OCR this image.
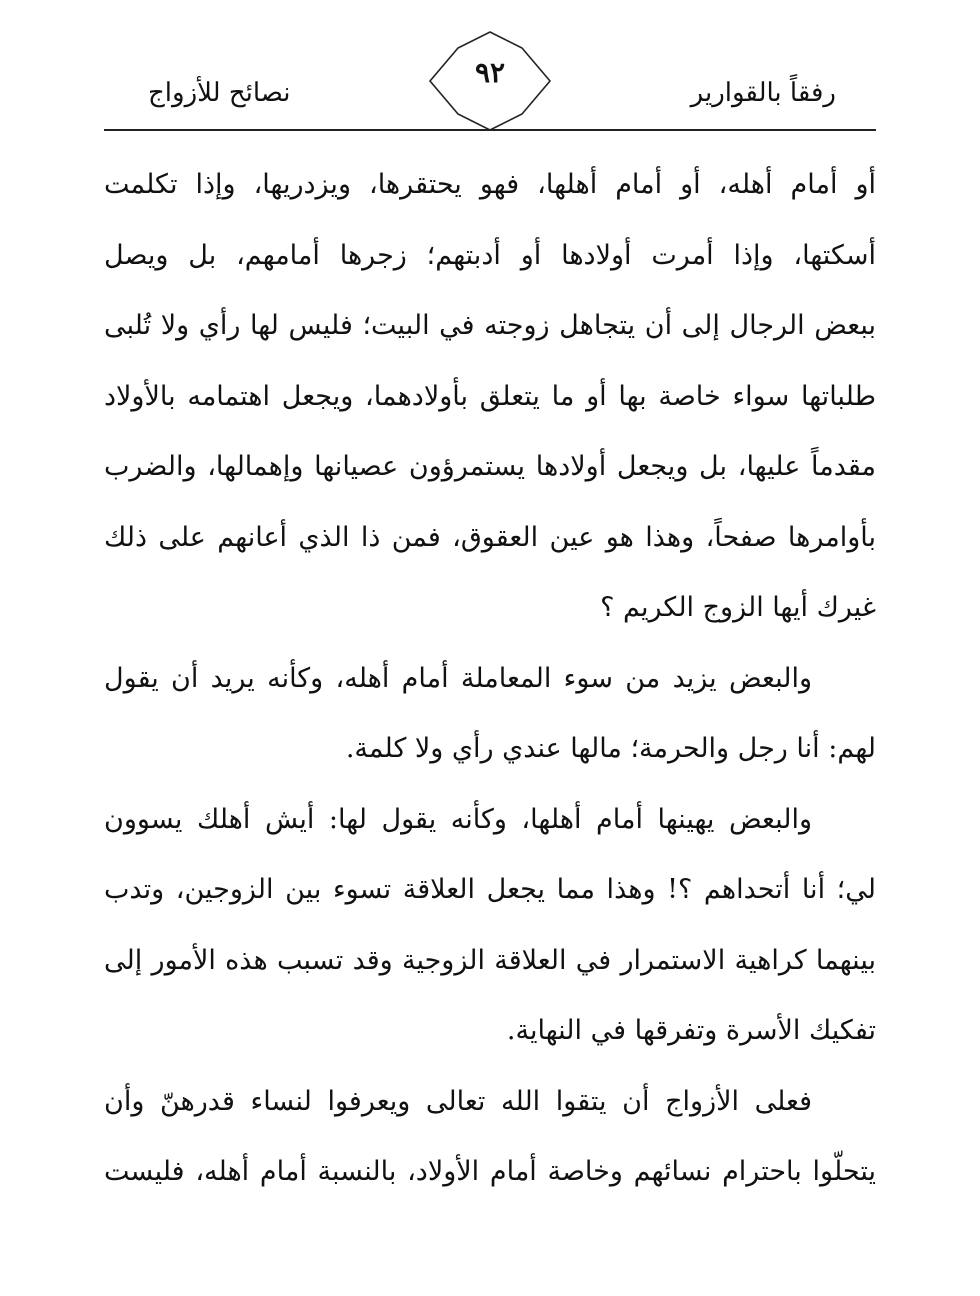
رفقاً بالقوارير
٩٢
نصائح للأزواج

أو أمام أهله، أو أمام أهلها، فهو يحتقرها، ويزدريها، وإذا تكلمت
أسكتها، وإذا أمرت أولادها أو أدبتهم؛ زجرها أمامهم، بل ويصل
ببعض الرجال إلى أن يتجاهل زوجته في البيت؛ فليس لها رأي ولا تُلبى
طلباتها سواء خاصة بها أو ما يتعلق بأولادهما، ويجعل اهتمامه بالأولاد
مقدماً عليها، بل ويجعل أولادها يستمرؤون عصيانها وإهمالها، والضرب
بأوامرها صفحاً، وهذا هو عين العقوق، فمن ذا الذي أعانهم على ذلك
غيرك أيها الزوج الكريم ؟

والبعض يزيد من سوء المعاملة أمام أهله، وكأنه يريد أن يقول
لهم: أنا رجل والحرمة؛ مالها عندي رأي ولا كلمة.

والبعض يهينها أمام أهلها، وكأنه يقول لها: أيش أهلك يسوون
لي؛ أنا أتحداهم ؟! وهذا مما يجعل العلاقة تسوء بين الزوجين، وتدب
بينهما كراهية الاستمرار في العلاقة الزوجية وقد تسبب هذه الأمور إلى
تفكيك الأسرة وتفرقها في النهاية.

فعلى الأزواج أن يتقوا الله تعالى ويعرفوا لنساء قدرهنّ وأن
يتحلّوا باحترام نسائهم وخاصة أمام الأولاد، بالنسبة أمام أهله، فليست
